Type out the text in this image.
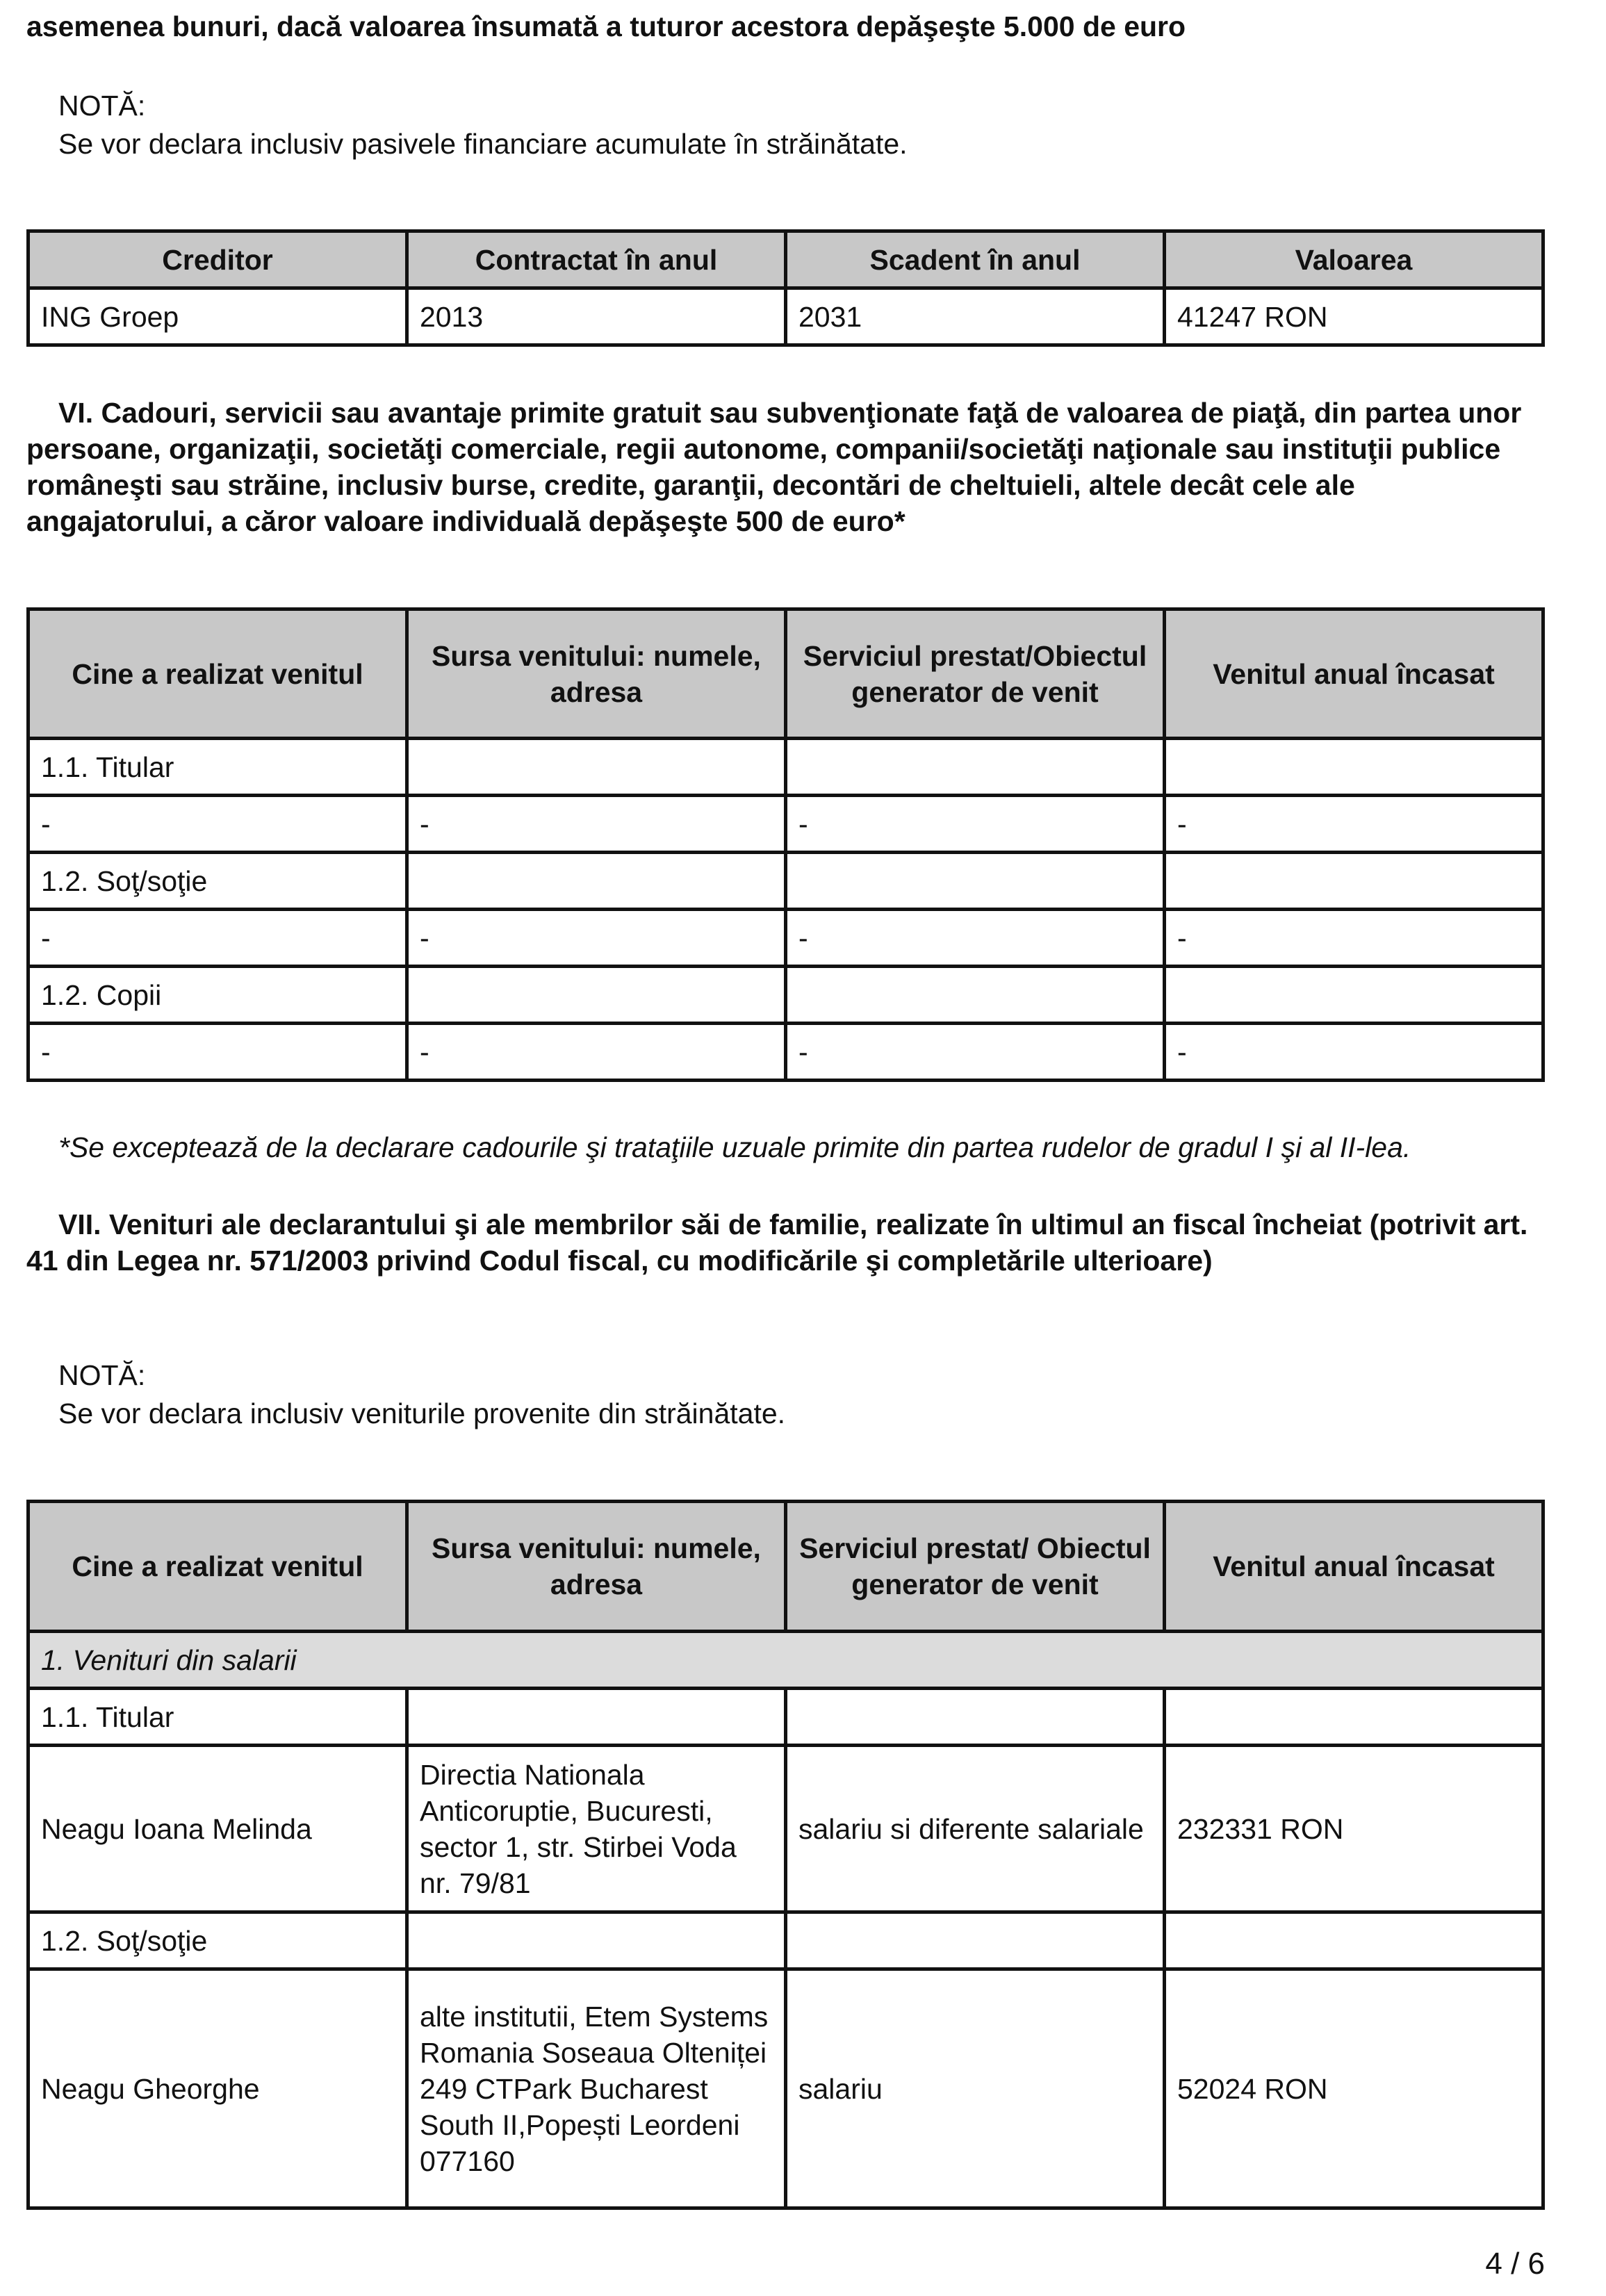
asemenea bunuri, dacă valoarea însumată a tuturor acestora depăşeşte 5.000 de euro

NOTĂ:
Se vor declara inclusiv pasivele financiare acumulate în străinătate.
Creditor	Contractat în anul	Scadent în anul	Valoarea
ING Groep	2013	2031	41247 RON

VI. Cadouri, servicii sau avantaje primite gratuit sau subvenţionate faţă de valoarea de piaţă, din partea unor persoane, organizaţii, societăţi comerciale, regii autonome, companii/societăţi naţionale sau instituţii publice româneşti sau străine, inclusiv burse, credite, garanţii, decontări de cheltuieli, altele decât cele ale angajatorului, a căror valoare individuală depăşeşte 500 de euro*

Cine a realizat venitul	Sursa venitului: numele, adresa	Serviciul prestat/Obiectul generator de venit	Venitul anual încasat
1.1. Titular			
-	-	-	-
1.2. Soţ/soţie			
-	-	-	-
1.2. Copii			
-	-	-	-

*Se exceptează de la declarare cadourile şi trataţiile uzuale primite din partea rudelor de gradul I şi al II-lea.

VII. Venituri ale declarantului şi ale membrilor săi de familie, realizate în ultimul an fiscal încheiat (potrivit art. 41 din Legea nr. 571/2003 privind Codul fiscal, cu modificările şi completările ulterioare)

NOTĂ:
Se vor declara inclusiv veniturile provenite din străinătate.
Cine a realizat venitul	Sursa venitului: numele, adresa	Serviciul prestat/ Obiectul generator de venit	Venitul anual încasat
1. Venituri din salarii			
1.1. Titular			
Neagu Ioana Melinda	Directia Nationala Anticoruptie, Bucuresti, sector 1, str. Stirbei Voda nr. 79/81	salariu si diferente salariale	232331 RON
1.2. Soţ/soţie			
Neagu Gheorghe	alte institutii, Etem Systems Romania Soseaua Olteniței 249 CTPark Bucharest South II,Popești Leordeni 077160	salariu	52024 RON
4 / 6
